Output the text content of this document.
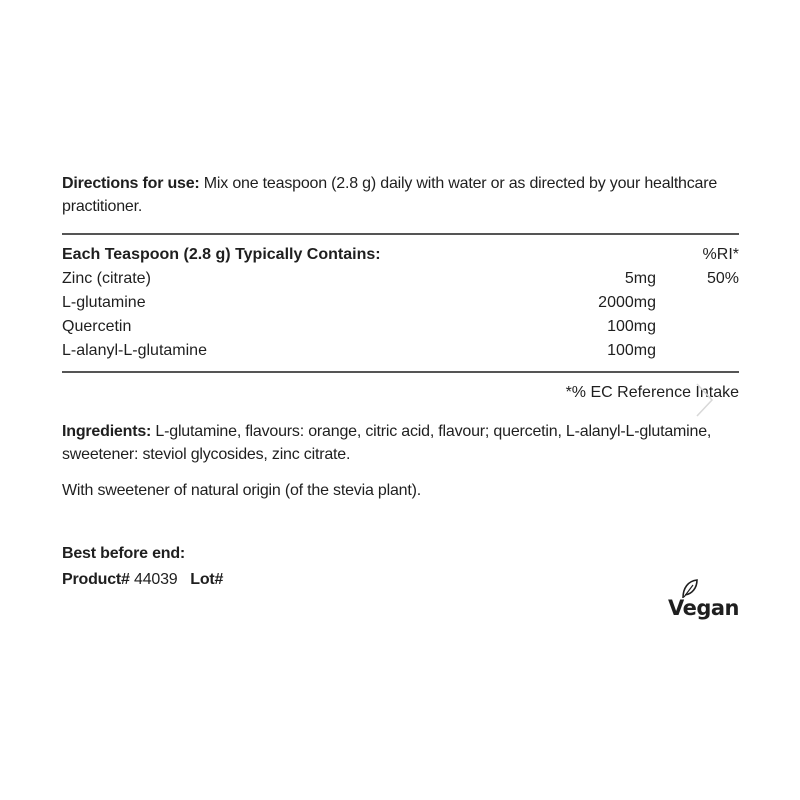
Directions for use: Mix one teaspoon (2.8 g) daily with water or as directed by your healthcare practitioner.

Each Teaspoon (2.8 g) Typically Contains:		%RI*
Zinc (citrate)	5mg	50%
L-glutamine	2000mg	
Quercetin	100mg	
L-alanyl-L-glutamine	100mg	
*% EC Reference Intake

Ingredients: L-glutamine, flavours: orange, citric acid, flavour; quercetin, L-alanyl-L-glutamine, sweetener: steviol glycosides, zinc citrate.

With sweetener of natural origin (of the stevia plant).

Best before end:

Product# 44039 Lot#

Vegan
